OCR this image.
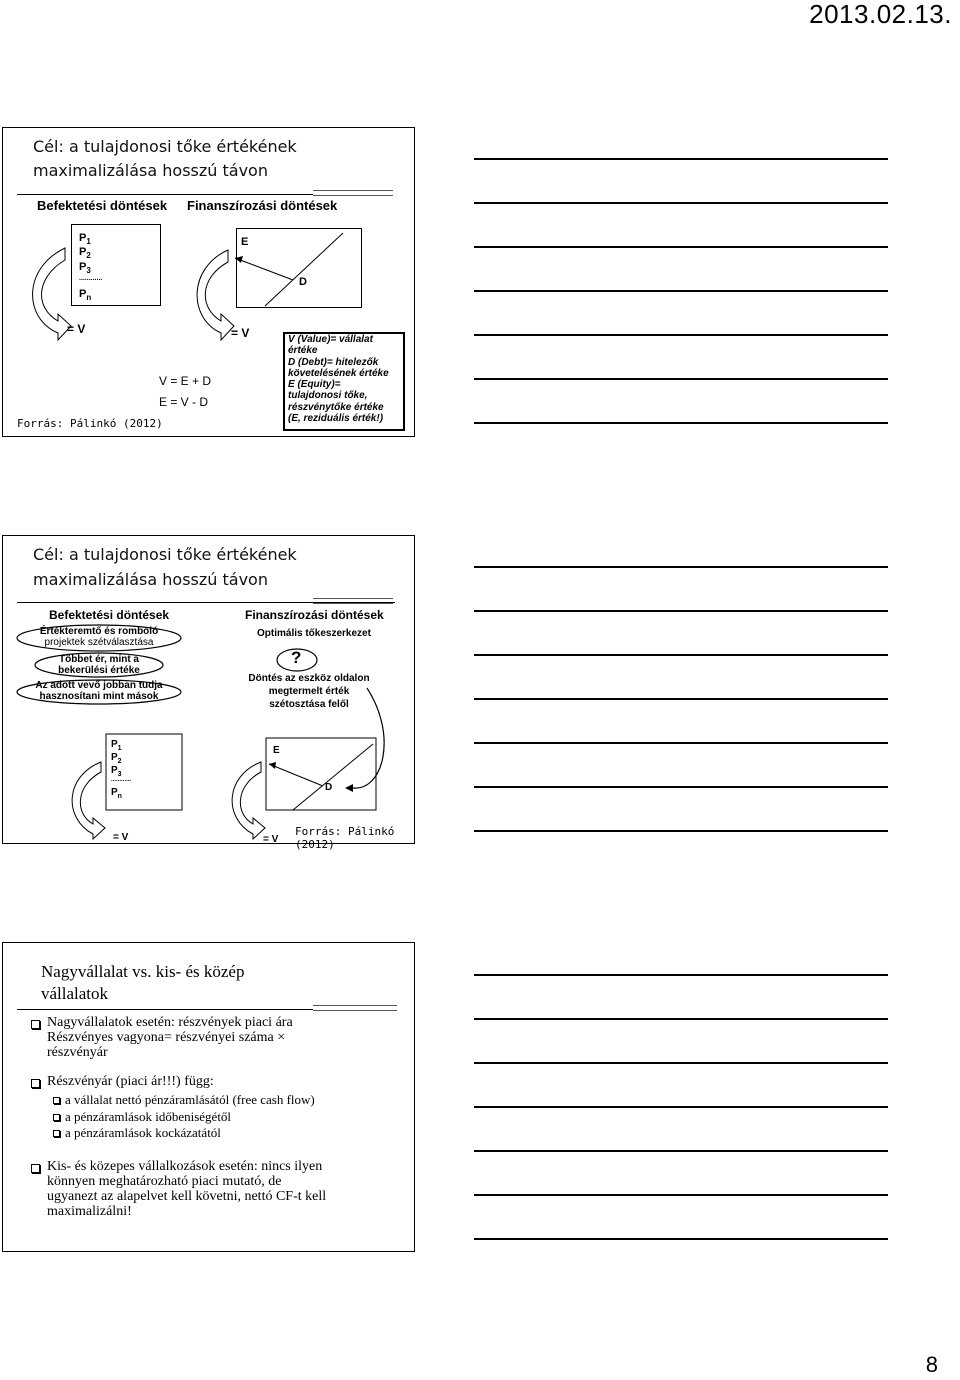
2013.02.13.
Cél: a tulajdonosi tőke értékének
maximalizálása hosszú távon
Befektetési döntések Finanszírozási döntések
$P_1$
$P_2$
$P_3$
............
$P_n$
E
D
= V	= V
V = E + D
E = V - D
V (Value)= vállalat
értéke
D (Debt)= hitelezők
követelésének értéke
E (Equity)=
tulajdonosi tőke,
részvénytőke értéke
(E, reziduális érték!)
Forrás: Pálinkó (2012)
Cél: a tulajdonosi tőke értékének
maximalizálása hosszú távon
Befektetési döntések	Finanszírozási döntések
Értékteremtő és romboló
projektek szétválasztása
Többet ér, mint a
bekerülési értéke
Az adott vevő jobban tudja
hasznosítani mint mások
Optimális tőkeszerkezet
?
Döntés az eszköz oldalon
megtermelt érték
szétosztása felől
$P_1$
$P_2$
$P_3$
............
$P_n$
E
D
= V	= V
Forrás: Pálinkó (2012)
Nagyvállalat vs. kis- és közép
vállalatok
Nagyvállalatok esetén: részvények piaci ára
Részvényes vagyona= részvényei száma ×
részvényár
Részvényár (piaci ár!!!) függ:
a vállalat nettó pénzáramlásától (free cash flow)
a pénzáramlások időbeniségétől
a pénzáramlások kockázatától
Kis- és közepes vállalkozások esetén: nincs ilyen
könnyen meghatározható piaci mutató, de
ugyanezt az alapelvet kell követni, nettó CF-t kell
maximalizálni!
8
